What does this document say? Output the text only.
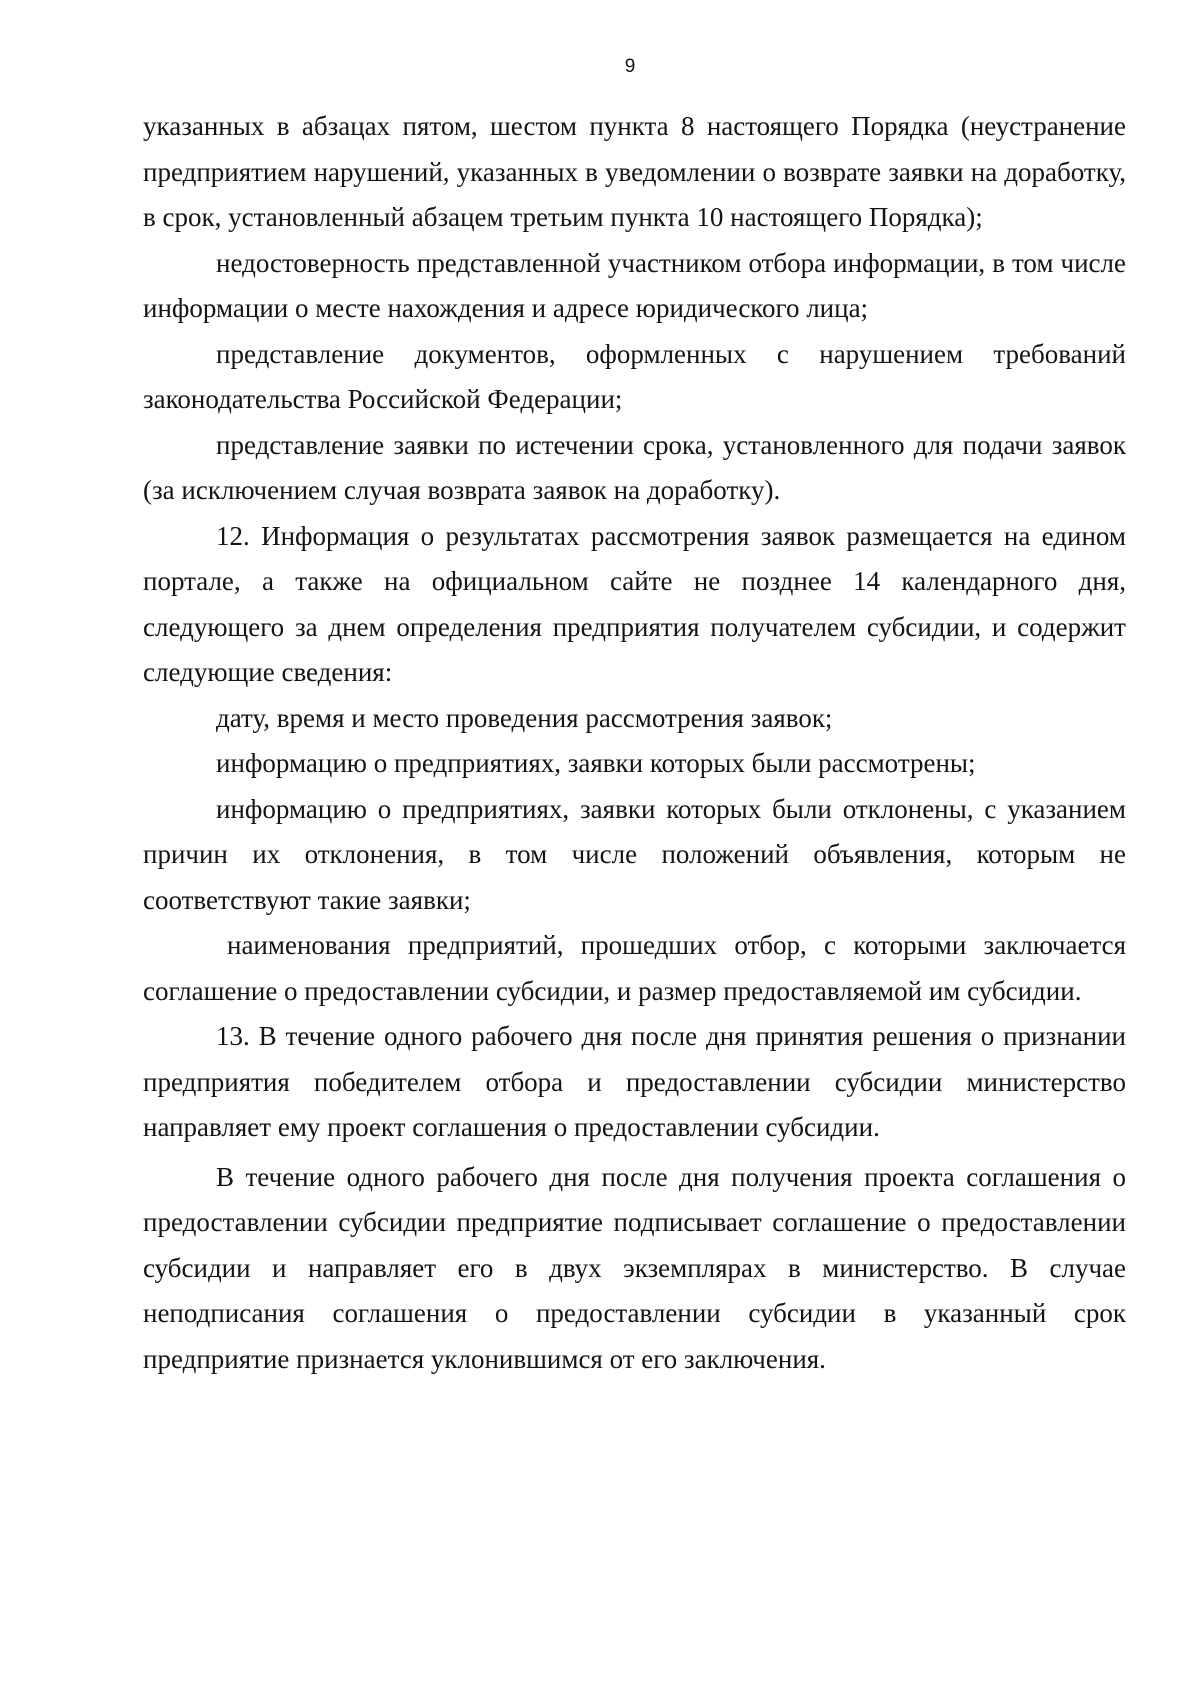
9

указанных в абзацах пятом, шестом пункта 8 настоящего Порядка (неустранение предприятием нарушений, указанных в уведомлении о возврате заявки на доработку, в срок, установленный абзацем третьим пункта 10 настоящего Порядка);

недостоверность представленной участником отбора информации, в том числе информации о месте нахождения и адресе юридического лица;

представление документов, оформленных с нарушением требований законодательства Российской Федерации;

представление заявки по истечении срока, установленного для подачи заявок (за исключением случая возврата заявок на доработку).

12. Информация о результатах рассмотрения заявок размещается на едином портале, а также на официальном сайте не позднее 14 календарного дня, следующего за днем определения предприятия получателем субсидии, и содержит следующие сведения:

дату, время и место проведения рассмотрения заявок;

информацию о предприятиях, заявки которых были рассмотрены;

информацию о предприятиях, заявки которых были отклонены, с указанием причин их отклонения, в том числе положений объявления, которым не соответствуют такие заявки;

наименования предприятий, прошедших отбор, с которыми заключается соглашение о предоставлении субсидии, и размер предоставляемой им субсидии.

13. В течение одного рабочего дня после дня принятия решения о признании предприятия победителем отбора и предоставлении субсидии министерство направляет ему проект соглашения о предоставлении субсидии.

В течение одного рабочего дня после дня получения проекта соглашения о предоставлении субсидии предприятие подписывает соглашение о предоставлении субсидии и направляет его в двух экземплярах в министерство. В случае неподписания соглашения о предоставлении субсидии в указанный срок предприятие признается уклонившимся от его заключения.
